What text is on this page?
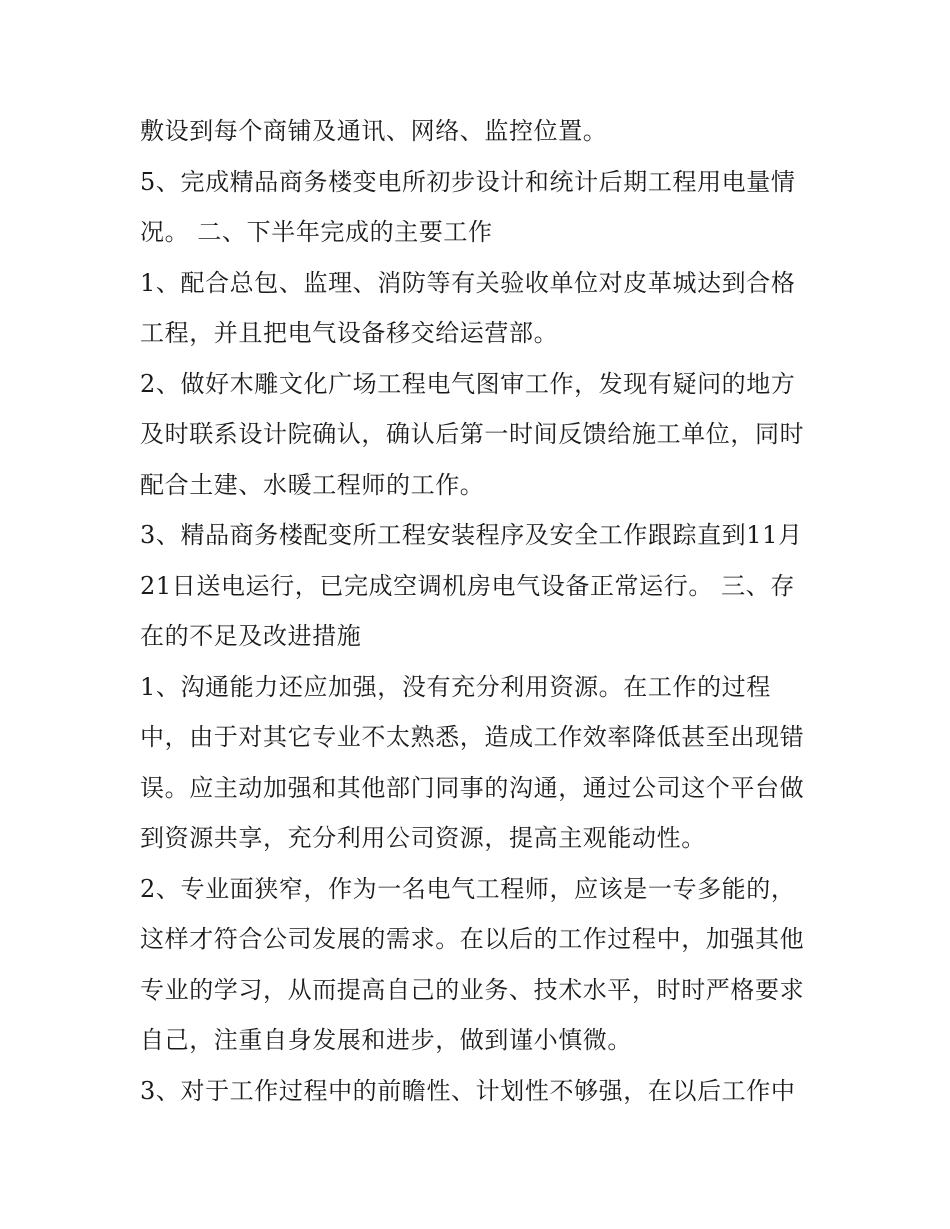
敷设到每个商铺及通讯、网络、监控位置。
5、完成精品商务楼变电所初步设计和统计后期工程用电量情
况。 二、下半年完成的主要工作
1、配合总包、监理、消防等有关验收单位对皮革城达到合格
工程，并且把电气设备移交给运营部。
2、做好木雕文化广场工程电气图审工作，发现有疑问的地方
及时联系设计院确认，确认后第一时间反馈给施工单位，同时
配合土建、水暖工程师的工作。
3、精品商务楼配变所工程安装程序及安全工作跟踪直到11月
21日送电运行，已完成空调机房电气设备正常运行。 三、存
在的不足及改进措施
1、沟通能力还应加强，没有充分利用资源。在工作的过程
中，由于对其它专业不太熟悉，造成工作效率降低甚至出现错
误。应主动加强和其他部门同事的沟通，通过公司这个平台做
到资源共享，充分利用公司资源，提高主观能动性。
2、专业面狭窄，作为一名电气工程师，应该是一专多能的，
这样才符合公司发展的需求。在以后的工作过程中，加强其他
专业的学习，从而提高自己的业务、技术水平，时时严格要求
自己，注重自身发展和进步，做到谨小慎微。
3、对于工作过程中的前瞻性、计划性不够强，在以后工作中
